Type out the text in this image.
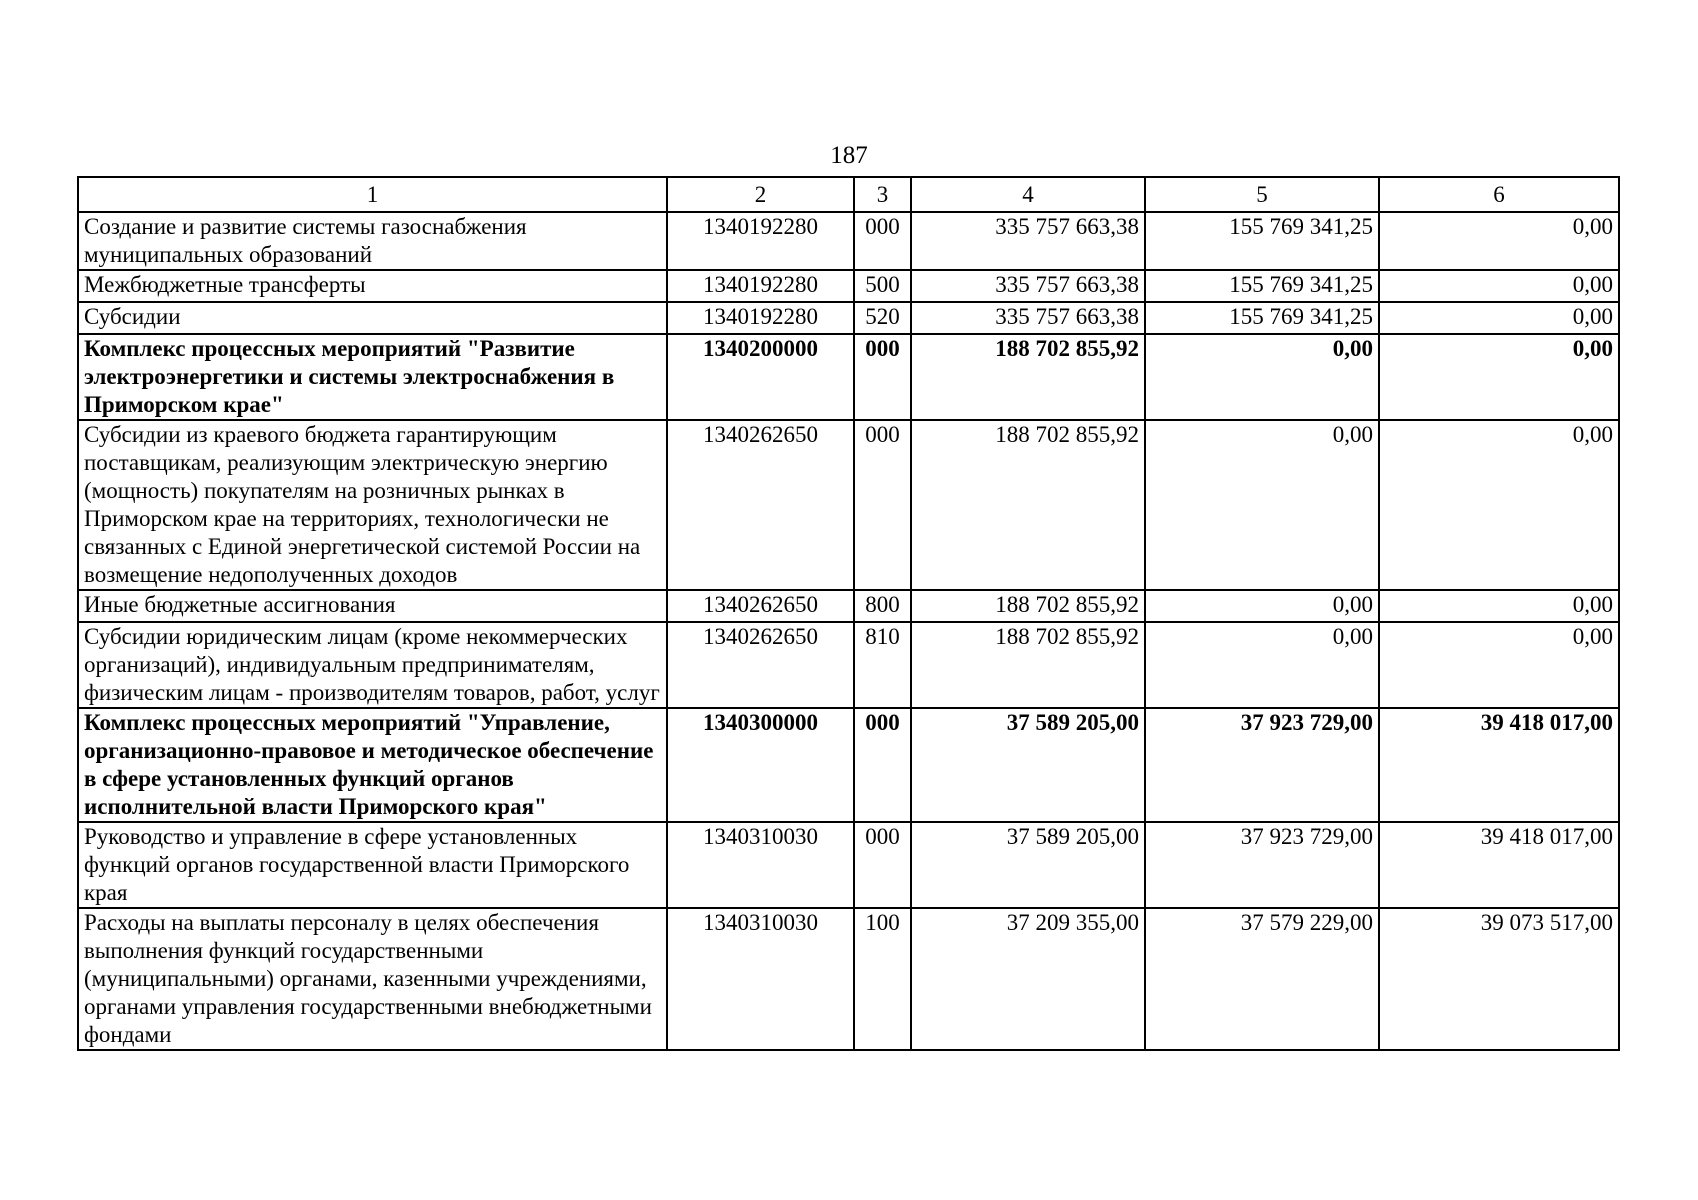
187
1	2	3	4	5	6
Создание и развитие системы газоснабжения муниципальных образований	1340192280	000	335 757 663,38	155 769 341,25	0,00
Межбюджетные трансферты	1340192280	500	335 757 663,38	155 769 341,25	0,00
Субсидии	1340192280	520	335 757 663,38	155 769 341,25	0,00
Комплекс процессных мероприятий "Развитие электроэнергетики и системы электроснабжения в Приморском крае"	1340200000	000	188 702 855,92	0,00	0,00
Субсидии из краевого бюджета гарантирующим поставщикам, реализующим электрическую энергию (мощность) покупателям на розничных рынках в Приморском крае на территориях, технологически не связанных с Единой энергетической системой России на возмещение недополученных доходов	1340262650	000	188 702 855,92	0,00	0,00
Иные бюджетные ассигнования	1340262650	800	188 702 855,92	0,00	0,00
Субсидии юридическим лицам (кроме некоммерческих организаций), индивидуальным предпринимателям, физическим лицам - производителям товаров, работ, услуг	1340262650	810	188 702 855,92	0,00	0,00
Комплекс процессных мероприятий "Управление, организационно-правовое и методическое обеспечение в сфере установленных функций органов исполнительной власти Приморского края"	1340300000	000	37 589 205,00	37 923 729,00	39 418 017,00
Руководство и управление в сфере установленных функций органов государственной власти Приморского края	1340310030	000	37 589 205,00	37 923 729,00	39 418 017,00
Расходы на выплаты персоналу в целях обеспечения выполнения функций государственными (муниципальными) органами, казенными учреждениями, органами управления государственными внебюджетными фондами	1340310030	100	37 209 355,00	37 579 229,00	39 073 517,00
